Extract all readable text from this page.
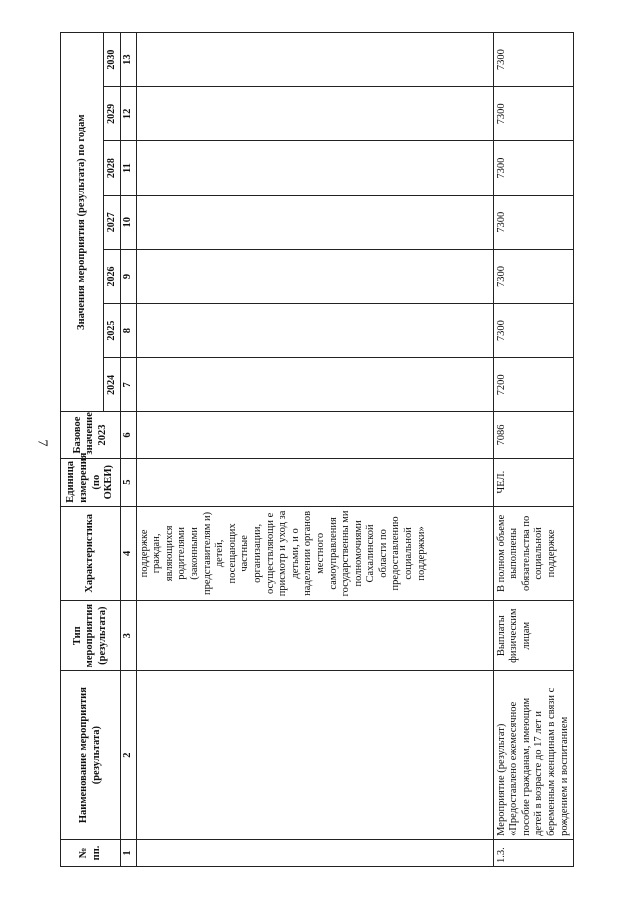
7
№ пп.	Наименование мероприятия (результата)	Тип мероприятия (результата)	Характеристика	Единица измерения (по ОКЕИ)	Базовое значение 2023	Значения мероприятия (результата) по годам						
						2024	2025	2026	2027	2028	2029	2030
1	2	3	4	5	6	7	8	9	10	11	12	13
			поддержке граждан, являющихся родителями (законными представителям и) детей, посещающих частные организации, осуществляющи е присмотр и уход за детьми, и о наделении органов местного самоуправления государственны ми полномочиями Сахалинской области по предоставлению социальной поддержки»									
1.3.	Мероприятие (результат) «Предоставлено ежемесячное пособие гражданам, имеющим детей в возрасте до 17 лет и беременным женщинам в связи с рождением и воспитанием	Выплаты физическим лицам	В полном объеме выполнены обязательства по социальной поддержке	ЧЕЛ.	7086	7200	7300	7300	7300	7300	7300	7300
